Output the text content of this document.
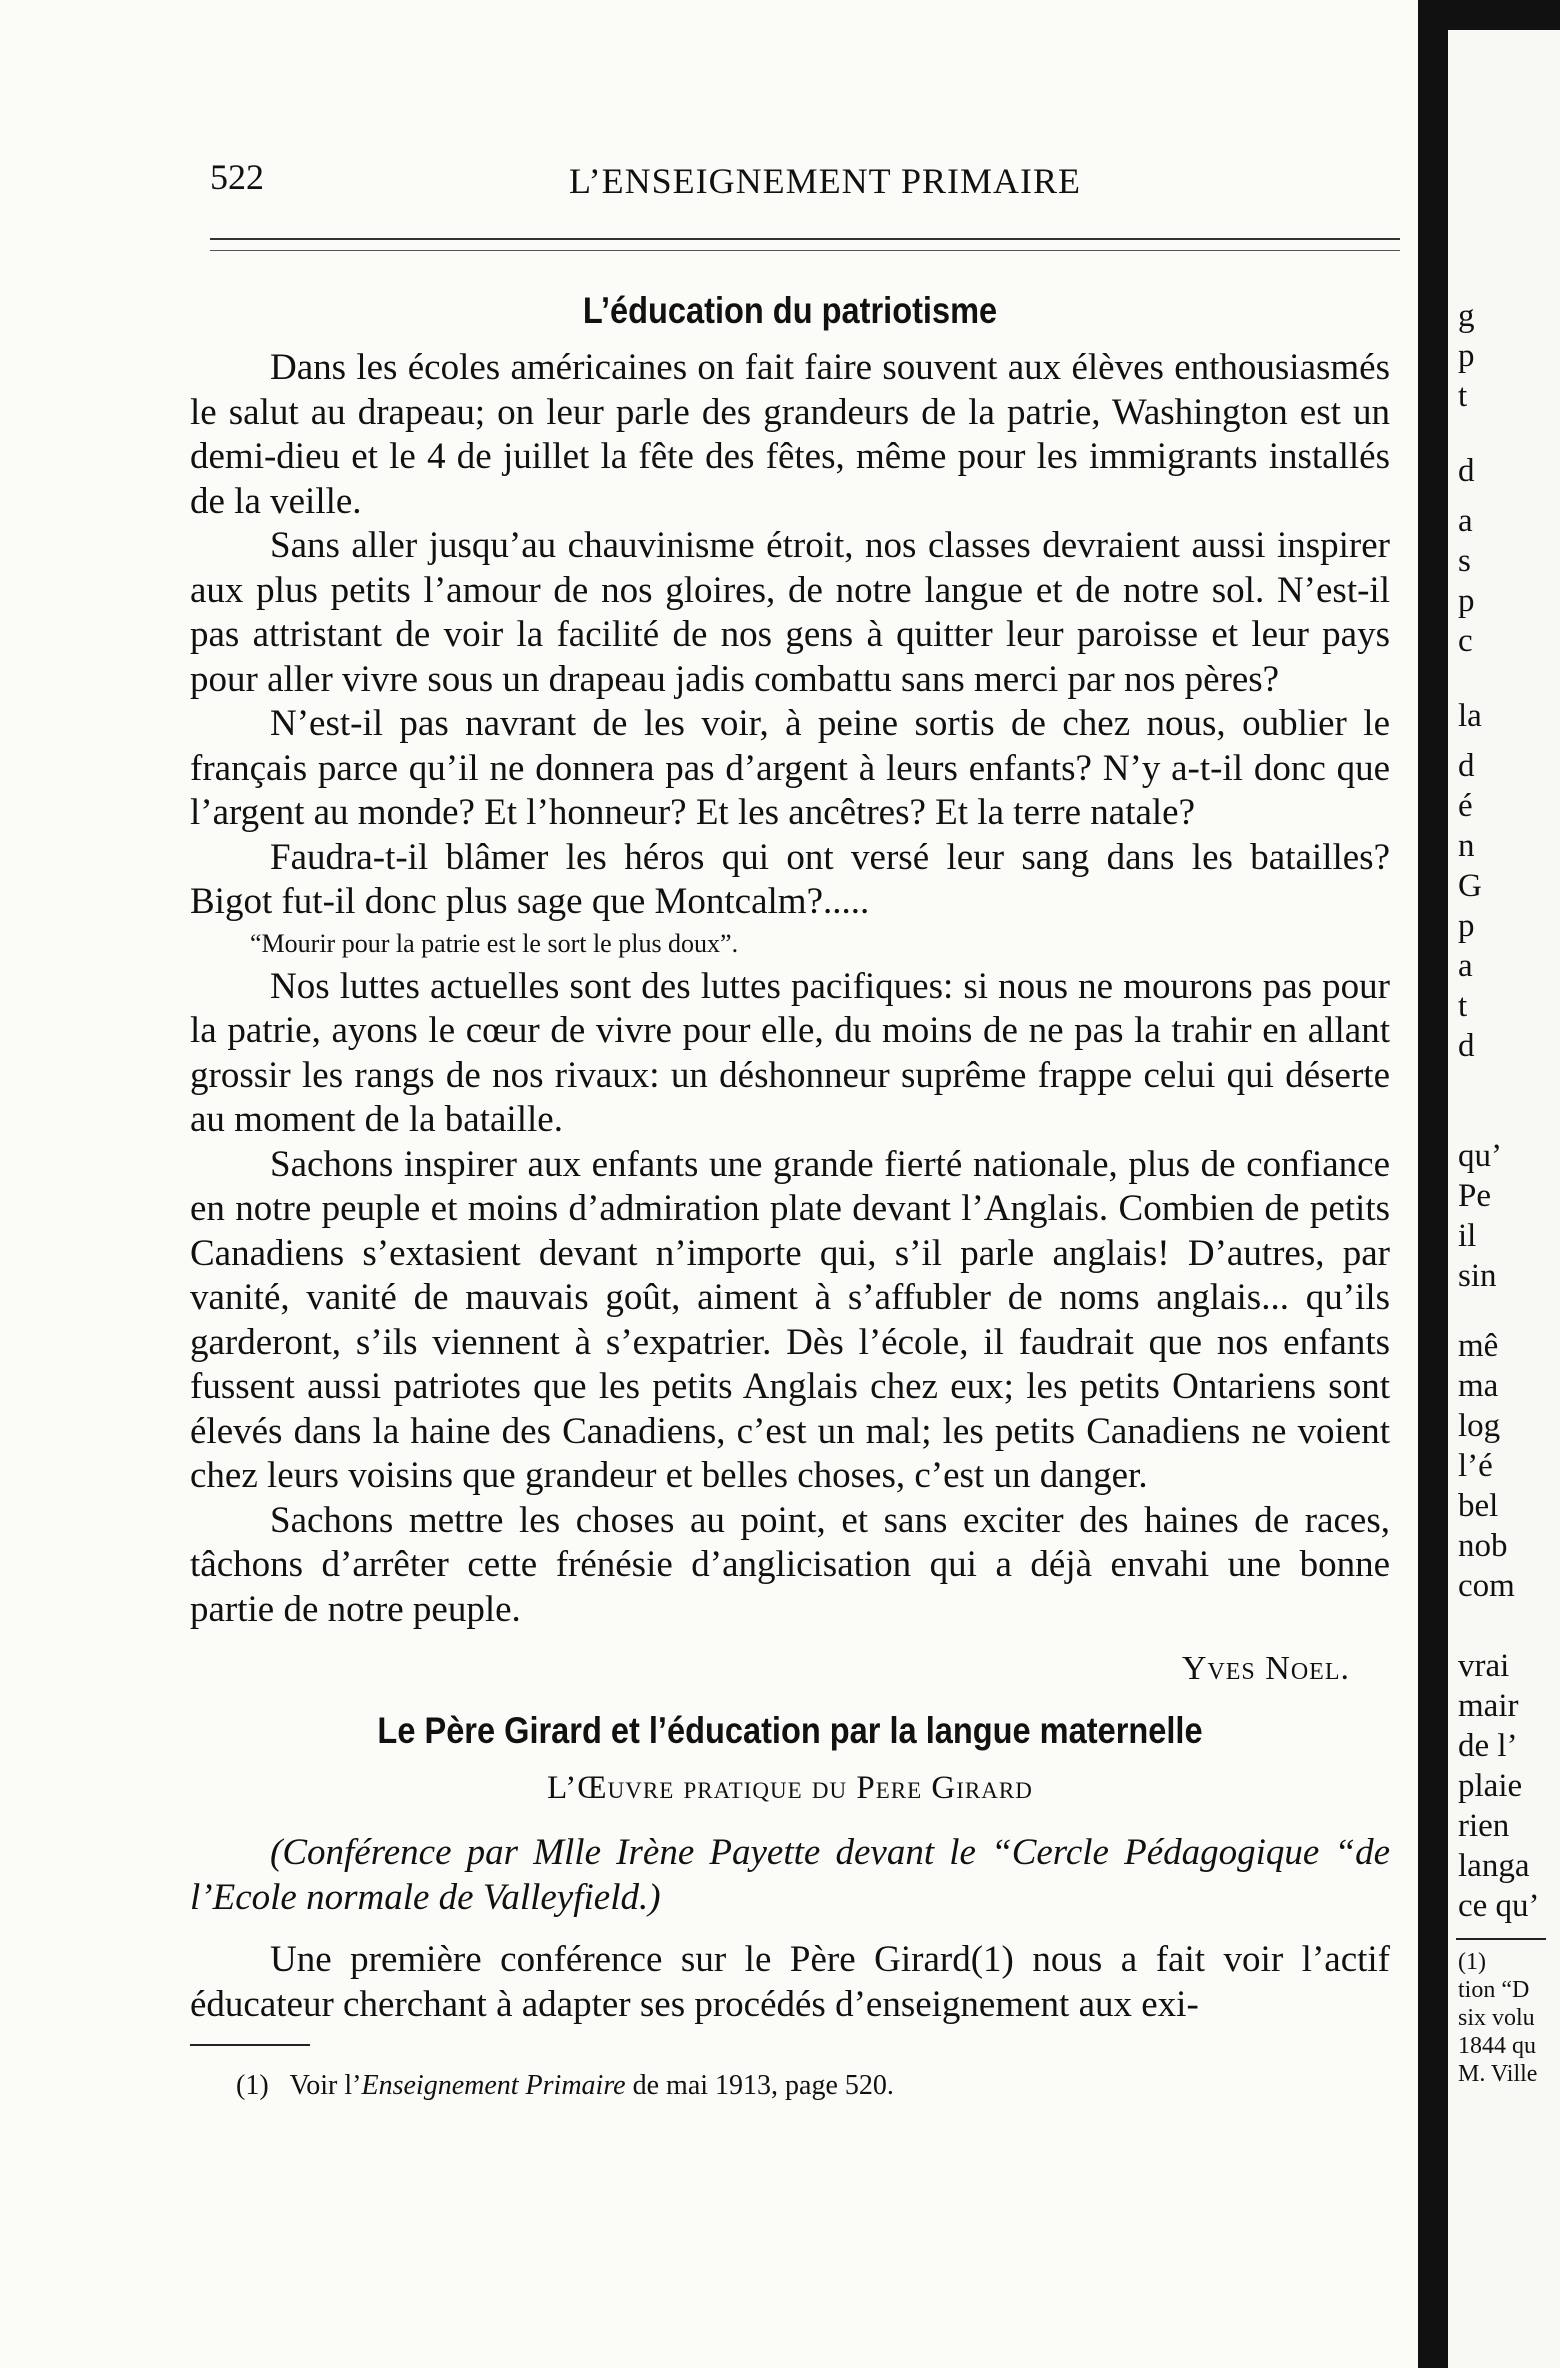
522	L’ENSEIGNEMENT PRIMAIRE
L’éducation du patriotisme

Dans les écoles américaines on fait faire souvent aux élèves enthousiasmés le salut au drapeau; on leur parle des grandeurs de la patrie, Washington est un demi-dieu et le 4 de juillet la fête des fêtes, même pour les immigrants installés de la veille.

Sans aller jusqu’au chauvinisme étroit, nos classes devraient aussi inspirer aux plus petits l’amour de nos gloires, de notre langue et de notre sol. N’est-il pas attristant de voir la facilité de nos gens à quitter leur paroisse et leur pays pour aller vivre sous un drapeau jadis combattu sans merci par nos pères?

N’est-il pas navrant de les voir, à peine sortis de chez nous, oublier le français parce qu’il ne donnera pas d’argent à leurs enfants? N’y a-t-il donc que l’argent au monde? Et l’honneur? Et les ancêtres? Et la terre natale?

Faudra-t-il blâmer les héros qui ont versé leur sang dans les batailles? Bigot fut-il donc plus sage que Montcalm?.....

“Mourir pour la patrie est le sort le plus doux”.

Nos luttes actuelles sont des luttes pacifiques: si nous ne mourons pas pour la patrie, ayons le cœur de vivre pour elle, du moins de ne pas la trahir en allant grossir les rangs de nos rivaux: un déshonneur suprême frappe celui qui déserte au moment de la bataille.

Sachons inspirer aux enfants une grande fierté nationale, plus de confiance en notre peuple et moins d’admiration plate devant l’Anglais. Combien de petits Canadiens s’extasient devant n’importe qui, s’il parle anglais! D’autres, par vanité, vanité de mauvais goût, aiment à s’affubler de noms anglais... qu’ils garderont, s’ils viennent à s’expatrier. Dès l’école, il faudrait que nos enfants fussent aussi patriotes que les petits Anglais chez eux; les petits Ontariens sont élevés dans la haine des Canadiens, c’est un mal; les petits Canadiens ne voient chez leurs voisins que grandeur et belles choses, c’est un danger.

Sachons mettre les choses au point, et sans exciter des haines de races, tâchons d’arrêter cette frénésie d’anglicisation qui a déjà envahi une bonne partie de notre peuple.

Yves Noel.
Le Père Girard et l’éducation par la langue maternelle
L’Œuvre pratique du Pere Girard

(Conférence par Mlle Irène Payette devant le “Cercle Pédagogique “de l’Ecole normale de Valleyfield.)

Une première conférence sur le Père Girard(1) nous a fait voir l’actif éducateur cherchant à adapter ses procédés d’enseignement aux exi-

(1) Voir l’Enseignement Primaire de mai 1913, page 520.
g
p
t
d
a
s
p
c
la
d
é
n
G
p
a
t
d
qu’
Pe
il
sin
mê
ma
log
l’é
bel
nob
com
vrai
mair
de l’
plaie
rien
langa
ce qu’
(1)
tion “D
six volu
1844 qu
M. Ville
